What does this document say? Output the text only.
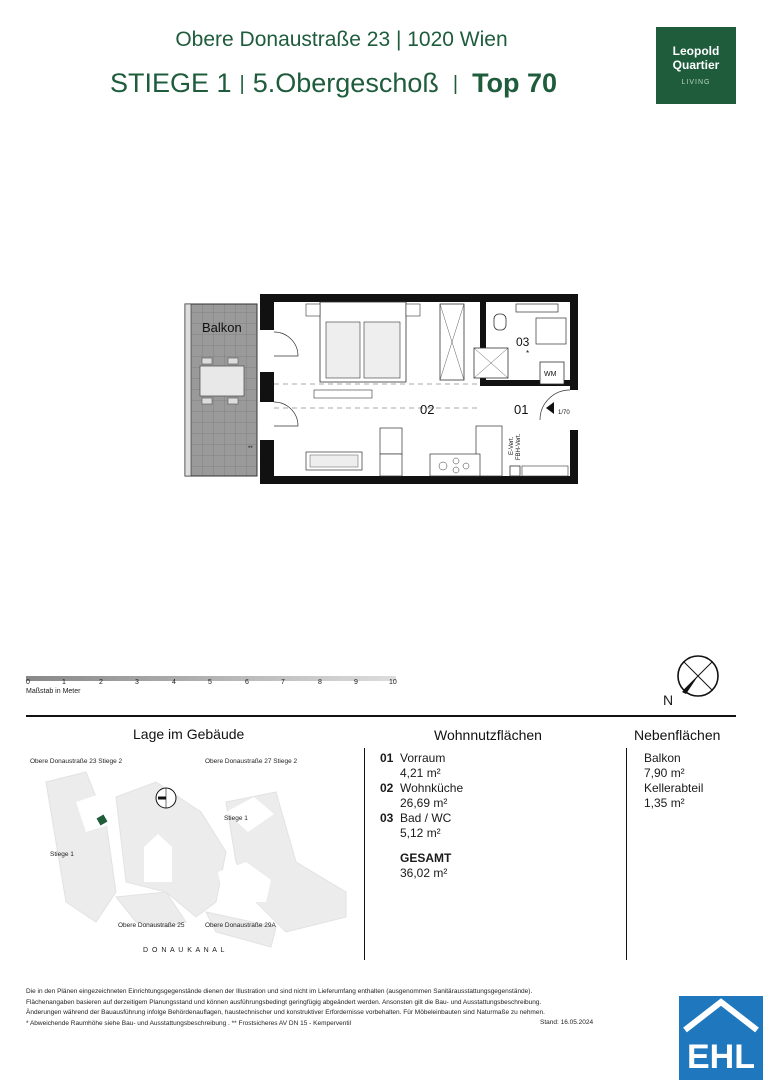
Obere Donaustraße 23 | 1020 Wien
STIEGE 1 | 5.Obergeschoß | Top 70
Leopold
Quartier
LIVING
Balkon
**
03
*
WM
02	01	1/70
E-Vert. FBH-Vert.
0	1	2	3	4	5	6	7	8	9	10
Maßstab in Meter
N
Lage im Gebäude
Obere Donaustraße 23 Stiege 2	Obere Donaustraße 27 Stiege 2
Stiege 1
Stiege 1
Obere Donaustraße 25	Obere Donaustraße 29A
D O N A U K A N A L
Wohnnutzflächen
01 Vorraum
4,21 m²
02 Wohnküche
26,69 m²
03 Bad / WC
5,12 m²
GESAMT
36,02 m²
Nebenflächen
Balkon
7,90 m²
Kellerabteil
1,35 m²
Die in den Plänen eingezeichneten Einrichtungsgegenstände dienen der Illustration und sind nicht im Lieferumfang enthalten (ausgenommen Sanitärausstattungsgegenstände).
Flächenangaben basieren auf derzeitigem Planungsstand und können ausführungsbedingt geringfügig abgeändert werden. Ansonsten gilt die Bau- und Ausstattungsbeschreibung.
Änderungen während der Bauausführung infolge Behördenauflagen, haustechnischer und konstruktiver Erfordernisse vorbehalten. Für Möbeleinbauten sind Naturmaße zu nehmen.
* Abweichende Raumhöhe siehe Bau- und Ausstattungsbeschreibung . ** Frostsicheres AV DN 15 - Kemperventil	Stand: 16.05.2024
EHL
